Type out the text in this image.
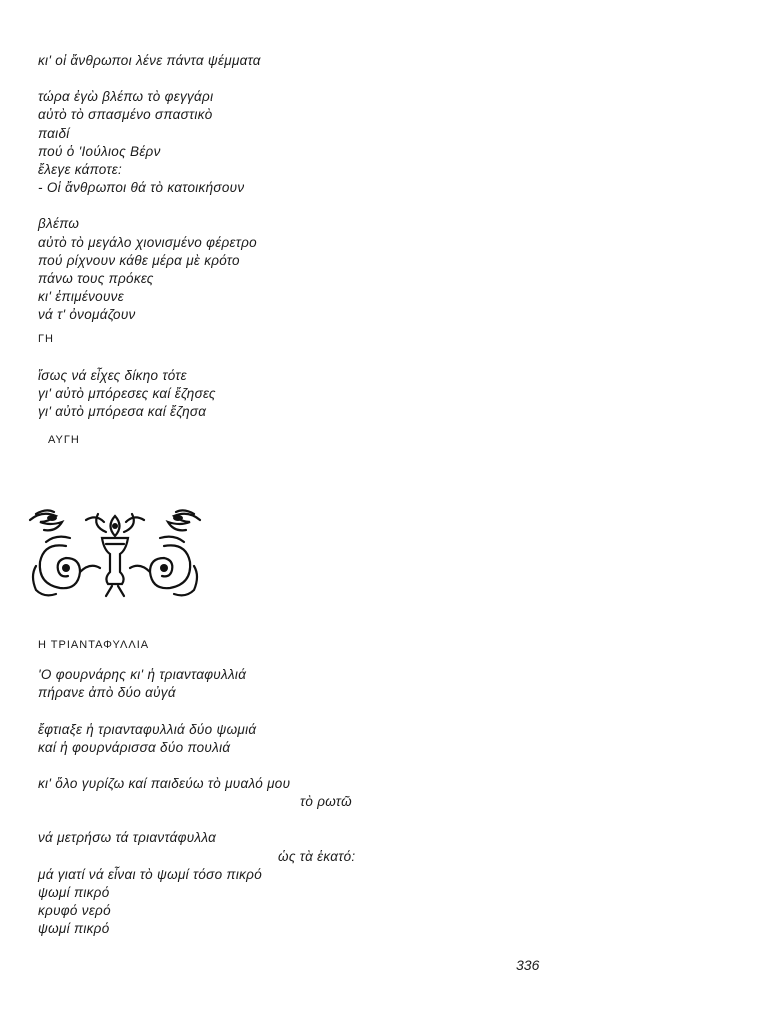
κι' οἱ ἄνθρωποι λένε πάντα ψέμματα
τώρα ἐγὼ βλέπω τὸ φεγγάρι
αὐτὸ τὸ σπασμένο σπαστικὸ
παιδί
πού ὁ 'Ιούλιος Βέρν
ἔλεγε κάποτε:
- Οἱ ἄνθρωποι θά τὸ κατοικήσουν
βλέπω
αὐτὸ τὸ μεγάλο χιονισμένο φέρετρο
πού ρίχνουν κάθε μέρα μὲ κρότο
πάνω τους πρόκες
κι' ἐπιμένουνε
νά τ' ὀνομάζουν
ΓΗ
ἴσως νά εἶχες δίκηο τότε
γι' αὐτὸ μπόρεσες καί ἔζησες
γι' αὐτὸ μπόρεσα καί ἔζησα
ΑΥΓΗ
Η ΤΡΙΑΝΤΑΦΥΛΛΙΑ
'Ο φουρνάρης κι' ἡ τριανταφυλλιά
πήρανε ἀπὸ δύο αὐγά
ἔφτιαξε ἡ τριανταφυλλιά δύο ψωμιά
καί ἡ φουρνάρισσα δύο πουλιά
κι' ὅλο γυρίζω καί παιδεύω τὸ μυαλό μου
τὸ ρωτῶ
νά μετρήσω τά τριαντάφυλλα
ὡς τὰ ἑκατό:
μά γιατί νά εἶναι τὸ ψωμί τόσο πικρό
ψωμί πικρό
κρυφό νερό
ψωμί πικρό
336
